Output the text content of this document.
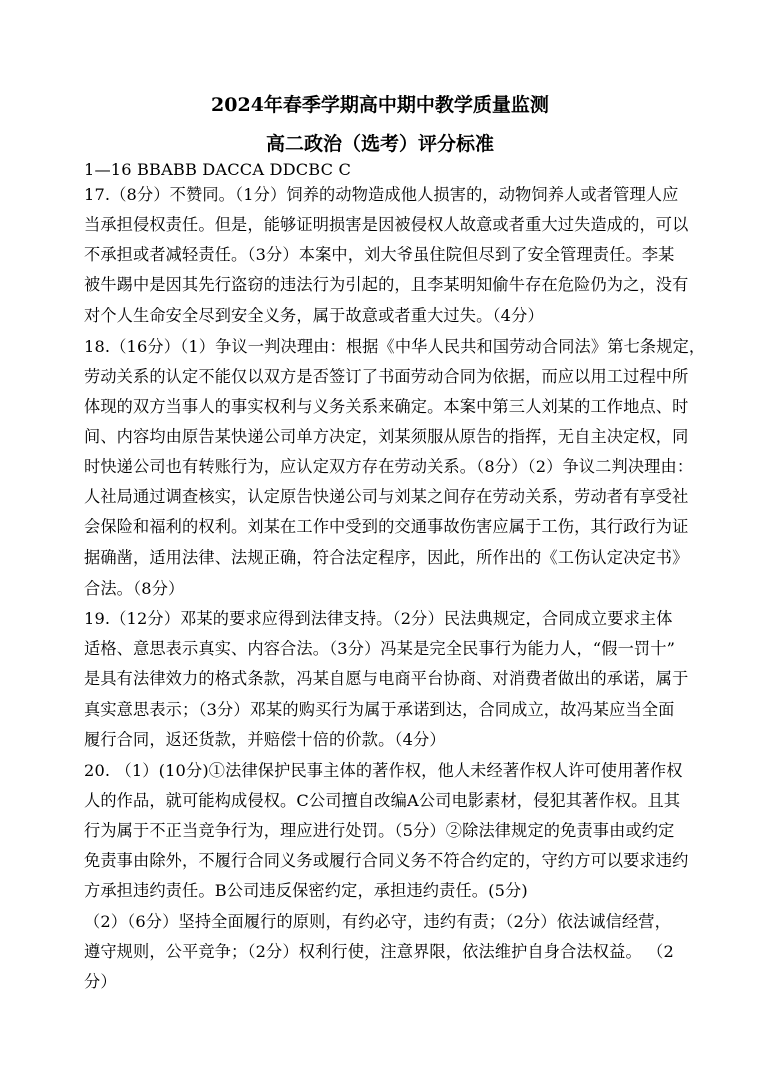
2024年春季学期高中期中教学质量监测
高二政治（选考）评分标准
1—16 BBABB DACCA DDCBC C
17.（8分）不赞同。（1分）饲养的动物造成他人损害的，动物饲养人或者管理人应
当承担侵权责任。但是，能够证明损害是因被侵权人故意或者重大过失造成的，可以
不承担或者减轻责任。（3分）本案中，刘大爷虽住院但尽到了安全管理责任。李某
被牛踢中是因其先行盗窃的违法行为引起的，且李某明知偷牛存在危险仍为之，没有
对个人生命安全尽到安全义务，属于故意或者重大过失。（4分）
18.（16分）（1）争议一判决理由：根据《中华人民共和国劳动合同法》第七条规定，
劳动关系的认定不能仅以双方是否签订了书面劳动合同为依据，而应以用工过程中所
体现的双方当事人的事实权利与义务关系来确定。本案中第三人刘某的工作地点、时
间、内容均由原告某快递公司单方决定，刘某须服从原告的指挥，无自主决定权，同
时快递公司也有转账行为，应认定双方存在劳动关系。（8分）（2）争议二判决理由：
人社局通过调查核实，认定原告快递公司与刘某之间存在劳动关系，劳动者有享受社
会保险和福利的权利。刘某在工作中受到的交通事故伤害应属于工伤，其行政行为证
据确凿，适用法律、法规正确，符合法定程序，因此，所作出的《工伤认定决定书》
合法。（8分）
19.（12分）邓某的要求应得到法律支持。（2分）民法典规定，合同成立要求主体
适格、意思表示真实、内容合法。（3分）冯某是完全民事行为能力人，“假一罚十”
是具有法律效力的格式条款，冯某自愿与电商平台协商、对消费者做出的承诺，属于
真实意思表示；（3分）邓某的购买行为属于承诺到达，合同成立，故冯某应当全面
履行合同，返还货款，并赔偿十倍的价款。（4分）
20. （1）(10分)①法律保护民事主体的著作权，他人未经著作权人许可使用著作权
人的作品，就可能构成侵权。C公司擅自改编A公司电影素材，侵犯其著作权。且其
行为属于不正当竞争行为，理应进行处罚。（5分）②除法律规定的免责事由或约定
免责事由除外，不履行合同义务或履行合同义务不符合约定的，守约方可以要求违约
方承担违约责任。B公司违反保密约定，承担违约责任。(5分)
（2）（6分）坚持全面履行的原则，有约必守，违约有责；（2分）依法诚信经营，
遵守规则，公平竞争；（2分）权利行使，注意界限，依法维护自身合法权益。 （2
分）
